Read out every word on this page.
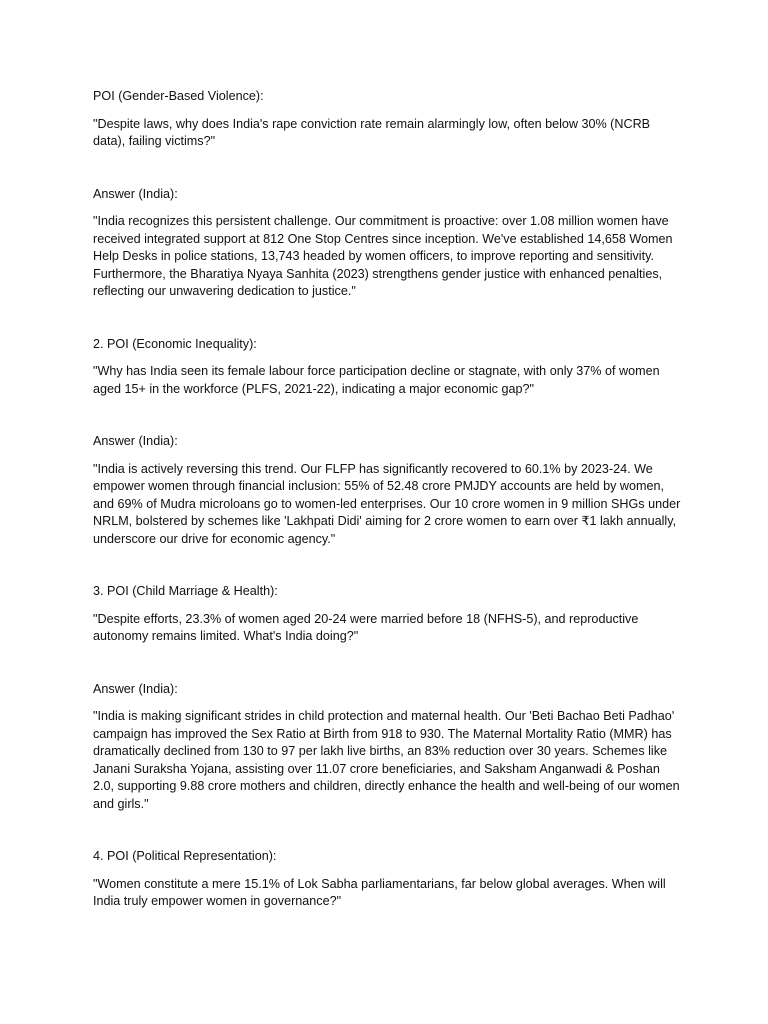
POI (Gender-Based Violence):

"Despite laws, why does India's rape conviction rate remain alarmingly low, often below 30% (NCRB data), failing victims?"

Answer (India):

"India recognizes this persistent challenge. Our commitment is proactive: over 1.08 million women have received integrated support at 812 One Stop Centres since inception. We've established 14,658 Women Help Desks in police stations, 13,743 headed by women officers, to improve reporting and sensitivity. Furthermore, the Bharatiya Nyaya Sanhita (2023) strengthens gender justice with enhanced penalties, reflecting our unwavering dedication to justice."

2. POI (Economic Inequality):

"Why has India seen its female labour force participation decline or stagnate, with only 37% of women aged 15+ in the workforce (PLFS, 2021-22), indicating a major economic gap?"

Answer (India):

"India is actively reversing this trend. Our FLFP has significantly recovered to 60.1% by 2023-24. We empower women through financial inclusion: 55% of 52.48 crore PMJDY accounts are held by women, and 69% of Mudra microloans go to women-led enterprises. Our 10 crore women in 9 million SHGs under NRLM, bolstered by schemes like 'Lakhpati Didi' aiming for 2 crore women to earn over ₹1 lakh annually, underscore our drive for economic agency."

3. POI (Child Marriage & Health):

"Despite efforts, 23.3% of women aged 20-24 were married before 18 (NFHS-5), and reproductive autonomy remains limited. What's India doing?"

Answer (India):

"India is making significant strides in child protection and maternal health. Our 'Beti Bachao Beti Padhao' campaign has improved the Sex Ratio at Birth from 918 to 930. The Maternal Mortality Ratio (MMR) has dramatically declined from 130 to 97 per lakh live births, an 83% reduction over 30 years. Schemes like Janani Suraksha Yojana, assisting over 11.07 crore beneficiaries, and Saksham Anganwadi & Poshan 2.0, supporting 9.88 crore mothers and children, directly enhance the health and well-being of our women and girls."

4. POI (Political Representation):

"Women constitute a mere 15.1% of Lok Sabha parliamentarians, far below global averages. When will India truly empower women in governance?"
